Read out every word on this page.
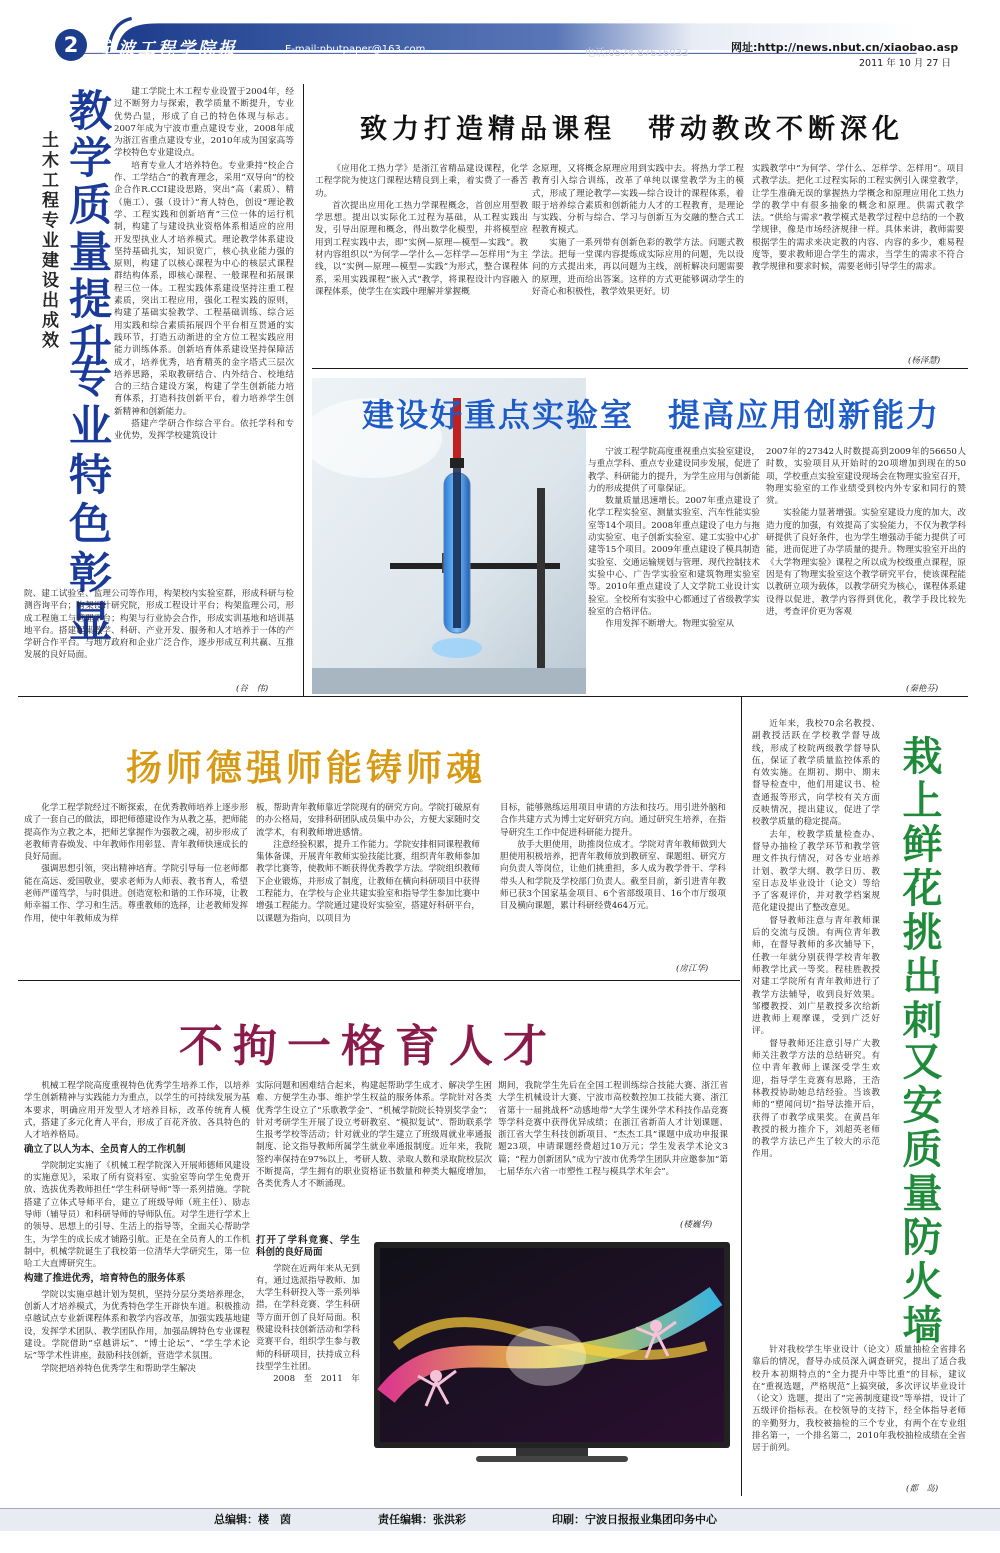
2	宁波工程学院报	E-mail:nbutpaper@163.com	电话:0574-87616033	网址:http://news.nbut.cn/xiaobao.asp
2011 年 10 月 27 日
教学质量提升
土木工程专业建设出成效
专业特色彰显

建工学院土木工程专业设置于2004年，经过不断努力与探索，教学质量不断提升，专业优势凸显，形成了自己的特色体现与标志。2007年成为宁波市重点建设专业，2008年成为浙江省重点建设专业，2010年成为国家高等学校特色专业建设点。

培育专业人才培养特色。专业秉持“校企合作、工学结合”的教育理念，采用“双导向”的校企合作R.CCI建设思路，突出“高（素质）、精（施工）、强（设计）”育人特色，创设“理论教学、工程实践和创新培育”三位一体的运行机制，构建了与建设执业资格体系相适应的应用开发型执业人才培养模式。理论教学体系建设坚持基础扎实，知识宽广，核心执业能力强的原则，构建了以核心课程为中心的核层式课程群结构体系，即核心课程、一般课程和拓展课程三位一体。工程实践体系建设坚持注重工程素质，突出工程应用，强化工程实践的原则，构建了基础实验教学、工程基础训练、综合运用实践和综合素质拓展四个平台相互贯通的实践环节，打造五动渐进的全方位工程实践应用能力训练体系。创新培育体系建设坚持保障活成才，培养优秀，培育精英的金字塔式三层次培养思路，采取教研结合、内外结合、校地结合的三结合建设方案，构建了学生创新能力培育体系，打造科技创新平台，着力培养学生创新精神和创新能力。

搭建产学研合作综合平台。依托学科和专业优势，发挥学校建筑设计

院、建工试验室、监理公司等作用，构架校内实验室群，形成科研与检测咨询平台；构架设计研究院，形成工程设计平台；构架监理公司，形成工程施工与管理平台；构架与行业协会合作，形成实训基地和培训基地平台。搭建起集教学、科研、产业开发、服务和人才培养于一体的产学研合作平台。与地方政府和企业广泛合作，逐步形成互利共赢、互推发展的良好局面。

(谷　伟)
致力打造精品课程　带动教改不断深化

《应用化工热力学》是浙江省精品建设课程，化学工程学院为使这门课程达精良到上乘，着实费了一番苦功。

首次提出应用化工热力学课程概念，首创应用型教学思想。提出以实际化工过程为基础，从工程实践出发，引导出原理和概念，得出数学化模型，并将模型应用到工程实践中去，即“实例—原理—模型—实践”。教材内容组织以“为何学—学什么—怎样学—怎样用”为主线，以“实例—原理—模型—实践”为形式，整合课程体系，采用实践课程“嵌入式”教学，将课程设计内容融入课程体系，使学生在实践中理解并掌握概

念原理，又将概念原理应用到实践中去。将热力学工程教育引入综合训练，改革了单纯以课堂教学为主的模式，形成了理论教学—实践—综合设计的课程体系，着眼于培养综合素质和创新能力人才的工程教育，是理论与实践、分析与综合、学习与创新互为交融的整合式工程教育模式。

实施了一系列带有创新色彩的教学方法。问题式教学法。把每一堂课内容提炼成实际应用的问题，先以设问的方式提出来，再以问题为主线，剖析解决问题需要的原理，进而给出答案。这样的方式更能够调动学生的好奇心和积极性，教学效果更好。切

实践教学中“为何学、学什么、怎样学、怎样用”。项目式教学法。把化工过程实际的工程实例引入课堂教学，让学生准确无误的掌握热力学概念和原理应用化工热力学的教学中有很多抽象的概念和原理。供需式教学法。“供给与需求”教学模式是教学过程中总结的一个教学规律，像是市场经济规律一样。具体来讲，教师需要根据学生的需求来决定教的内容、内容的多少，难易程度等，要求教师迎合学生的需求，当学生的需求不符合教学规律和要求时候，需要老师引导学生的需求。

(杨泽慧)
建设好重点实验室　提高应用创新能力

宁波工程学院高度重视重点实验室建设，与重点学科、重点专业建设同步发展，促进了教学、科研能力的提升，为学生应用与创新能力的形成提供了可靠保证。

数量质量迅速增长。2007年重点建设了化学工程实验室、测量实验室、汽车性能实验室等14个项目。2008年重点建设了电力与拖动实验室、电子创新实验室、建工实验中心扩建等15个项目。2009年重点建设了模具制造实验室、交通运输规划与管理、现代控制技术实验中心、广告学实验室和建筑物理实验室等。2010年重点建设了人文学院工业设计实验室。全校所有实验中心都通过了省级教学实验室的合格评估。

作用发挥不断增大。物理实验室从

2007年的27342人时数提高到2009年的56650人时数，实验项目从开始时的20项增加到现在的50项，学校重点实验室建设现场会在物理实验室召开，物理实验室的工作业绩受到校内外专家和同行的赞赏。

实验能力显著增强。实验室建设力度的加大，改造力度的加强，有效提高了实验能力，不仅为教学科研提供了良好条件，也为学生增强动手能力提供了可能，进而促进了办学质量的提升。物理实验室开出的《大学物理实验》课程之所以成为校级重点课程，原因是有了物理实验室这个教学研究平台，使该课程能以教研立项为载体，以教学研究为核心，课程体系建设得以促进，教学内容得到优化，教学手段比较先进，考查评价更为客观

(秦艳芬)
扬师德强师能铸师魂

化学工程学院经过不断探索，在优秀教师培养上逐步形成了一套自己的做法，即把师德建设作为从教之基，把师能提高作为立教之本，把师艺掌握作为强教之魂，初步形成了老教师青春焕发、中年教师作用彰显、青年教师快速成长的良好局面。

强调思想引领，突出精神培育。学院引导每一位老师都能在高远、爱国敬业，要求老师为人师表、教书育人，希望老师严谨笃学，与时俱进。创造宽松和谐的工作环境，让教师幸福工作、学习和生活。尊重教师的选择，让老教师发挥作用，使中年教师成为样

板，帮助青年教师靠近学院现有的研究方向。学院打破原有的办公格局，安排科研团队成员集中办公，方便大家随时交流学术，有利教师增进感情。

注意经验积累，提升工作能力。学院安排相同课程教师集体备课，开展青年教师实验技能比赛，组织青年教师参加教学比赛等，使教师不断获得优秀教学方法。学院组织教师下企业锻炼，并形成了制度，让教师在横向科研项目中获得工程能力，在学校与企业共建实验室和指导学生参加比赛中增强工程能力。学院通过建设好实验室，搭建好科研平台，以课题为指向，以项目为

目标，能够熟练运用项目申请的方法和技巧。用引进外脑和合作共建方式为博士定好研究方向。通过研究生培养，在指导研究生工作中促进科研能力提升。

放手大胆使用，助推岗位成才。学院对青年教师做到大胆使用积极培养，把青年教师放到教研室、课题组、研究方向负责人等岗位，让他们挑重担，多人成为教学骨干、学科带头人和学院及学校部门负责人。截至目前，新引进青年教师已获3个国家基金项目、6个省部级项目、16个市厅级项目及横向课题，累计科研经费464万元。

(房江华)
不拘一格育人才

机械工程学院高度重视特色优秀学生培养工作，以培养学生创新精神与实践能力为重点，以学生的可持续发展为基本要求，明确应用开发型人才培养目标，改革传统育人模式，搭建了多元化育人平台，形成了百花齐放、各具特色的人才培养格局。

确立了以人为本、全员育人的工作机制

学院制定实施了《机械工程学院深入开展师德师风建设的实施意见》，采取了所有资料室、实验室等向学生免费开放、选拔优秀教师担任“学生科研导师”等一系列措施。学院搭建了立体式导师平台，建立了班级导师（班主任）、励志导师（辅导员）和科研导师的导师队伍。对学生进行学术上的领导、思想上的引导、生活上的指导等，全面关心帮助学生，为学生的成长成才铺路引航。正是在全员育人的工作机制中，机械学院诞生了我校第一位清华大学研究生，第一位哈工大直博研究生。

构建了推进优秀，培育特色的服务体系

学院以实施卓越计划为契机，坚持分层分类培养理念，创新人才培养模式，为优秀特色学生开辟快车道。积极推动卓越试点专业新课程体系和教学内容改革，加强实践基地建设，发挥学术团队、教学团队作用，加强品牌特色专业课程建设。学院借助“卓越讲坛”、“博士论坛”、“学生学术论坛”等学术性讲座，鼓励科技创新，营造学术氛围。

学院把培养特色优秀学生和帮助学生解决

实际问题和困难结合起来，构建起帮助学生成才、解决学生困难、方便学生办事、维护学生权益的服务体系。学院针对各类优秀学生设立了“乐歌教学金”、“机械学院院长特别奖学金”；针对考研学生开展了设立考研教室、“模拟复试”、帮助联系学生报考学校等活动；针对就业的学生建立了班级周就业率通报制度、论文指导教师所属学生就业率通报制度。近年来，我院签约率保持在97%以上，考研人数、录取人数和录取院校层次不断提高，学生拥有的职业资格证书数量和种类大幅度增加，各类优秀人才不断涌现。

打开了学科竞赛、学生科创的良好局面

学院在近两年来从无到有，通过选派指导教师、加大学生科研投入等一系列举措，在学科竞赛、学生科研等方面开创了良好局面。积极建设科技创新活动和学科竞赛平台，组织学生参与教师的科研项目，扶持成立科技型学生社团。

2008　至　2011　年

期间，我院学生先后在全国工程训练综合技能大赛、浙江省大学生机械设计大赛、宁波市高校数控加工技能大赛、浙江省第十一届挑战杯“动感地带”大学生课外学术科技作品竞赛等学科竞赛中获得优异成绩；在浙江省新苗人才计划课题、浙江省大学生科技创新项目、“杰杰工具”课题中成功申报课题23项，申请课题经费超过10万元；学生发表学术论文3篇；“程力创新团队”成为宁波市优秀学生团队并应邀参加“第七届华东六省一市塑性工程与模具学术年会”。

(楼巍华)
栽上鲜花挑出刺
又安质量防火墙

近年来，我校70余名教授、副教授活跃在学校教学督导战线，形成了校院两级教学督导队伍，保证了教学质量监控体系的有效实施。在期初、期中、期末督导检查中，他们用建议书、检查通报等形式，向学校有关方面反映情况，提出建议，促进了学校教学质量的稳定提高。

去年，校教学质量检查办、督导办抽检了教学环节和教学管理文件执行情况，对各专业培养计划、教学大纲、教学日历、教室日志及毕业设计（论文）等给予了客观评价，并对教学档案规范化建设提出了整改意见。

督导教师注意与青年教师课后的交流与反馈。有两位青年教师，在督导教师的多次辅导下，任教一年就分别获得学校青年教师教学比武一等奖。程桂胜教授对建工学院所有青年教师进行了教学方法辅导，收到良好效果。邹樱教授、刘广星教授多次给新进教师上观摩课，受到广泛好评。

督导教师还注意引导广大教师关注教学方法的总结研究。有位中青年教师上课深受学生欢迎，指导学生竞赛有思路，王浩林教授协助她总结经验。当该教师的“塑闻问切”指导法推开后，获得了市教学成果奖。在黄昌年教授的极力推介下，刘超英老师的教学方法已产生了较大的示范作用。

针对我校学生毕业设计（论文）质量抽检全省排名靠后的情况，督导办成员深入调查研究，提出了适合我校升本初期特点的“全力提升中等比重”的目标，建议在“重视选题，严格规范”上搞突破，多次评议毕业设计（论文）选题，提出了“完善制度建设”等举措，设计了五级评价指标表。在校领导的支持下，经全体指导老师的辛勤努力，我校被抽检的三个专业，有两个在专业组排名第一，一个排名第二，2010年我校抽检成绩在全省居于前列。

(都　岛)
总编辑：楼　茵	责任编辑：张洪彩	印刷：宁波日报报业集团印务中心
